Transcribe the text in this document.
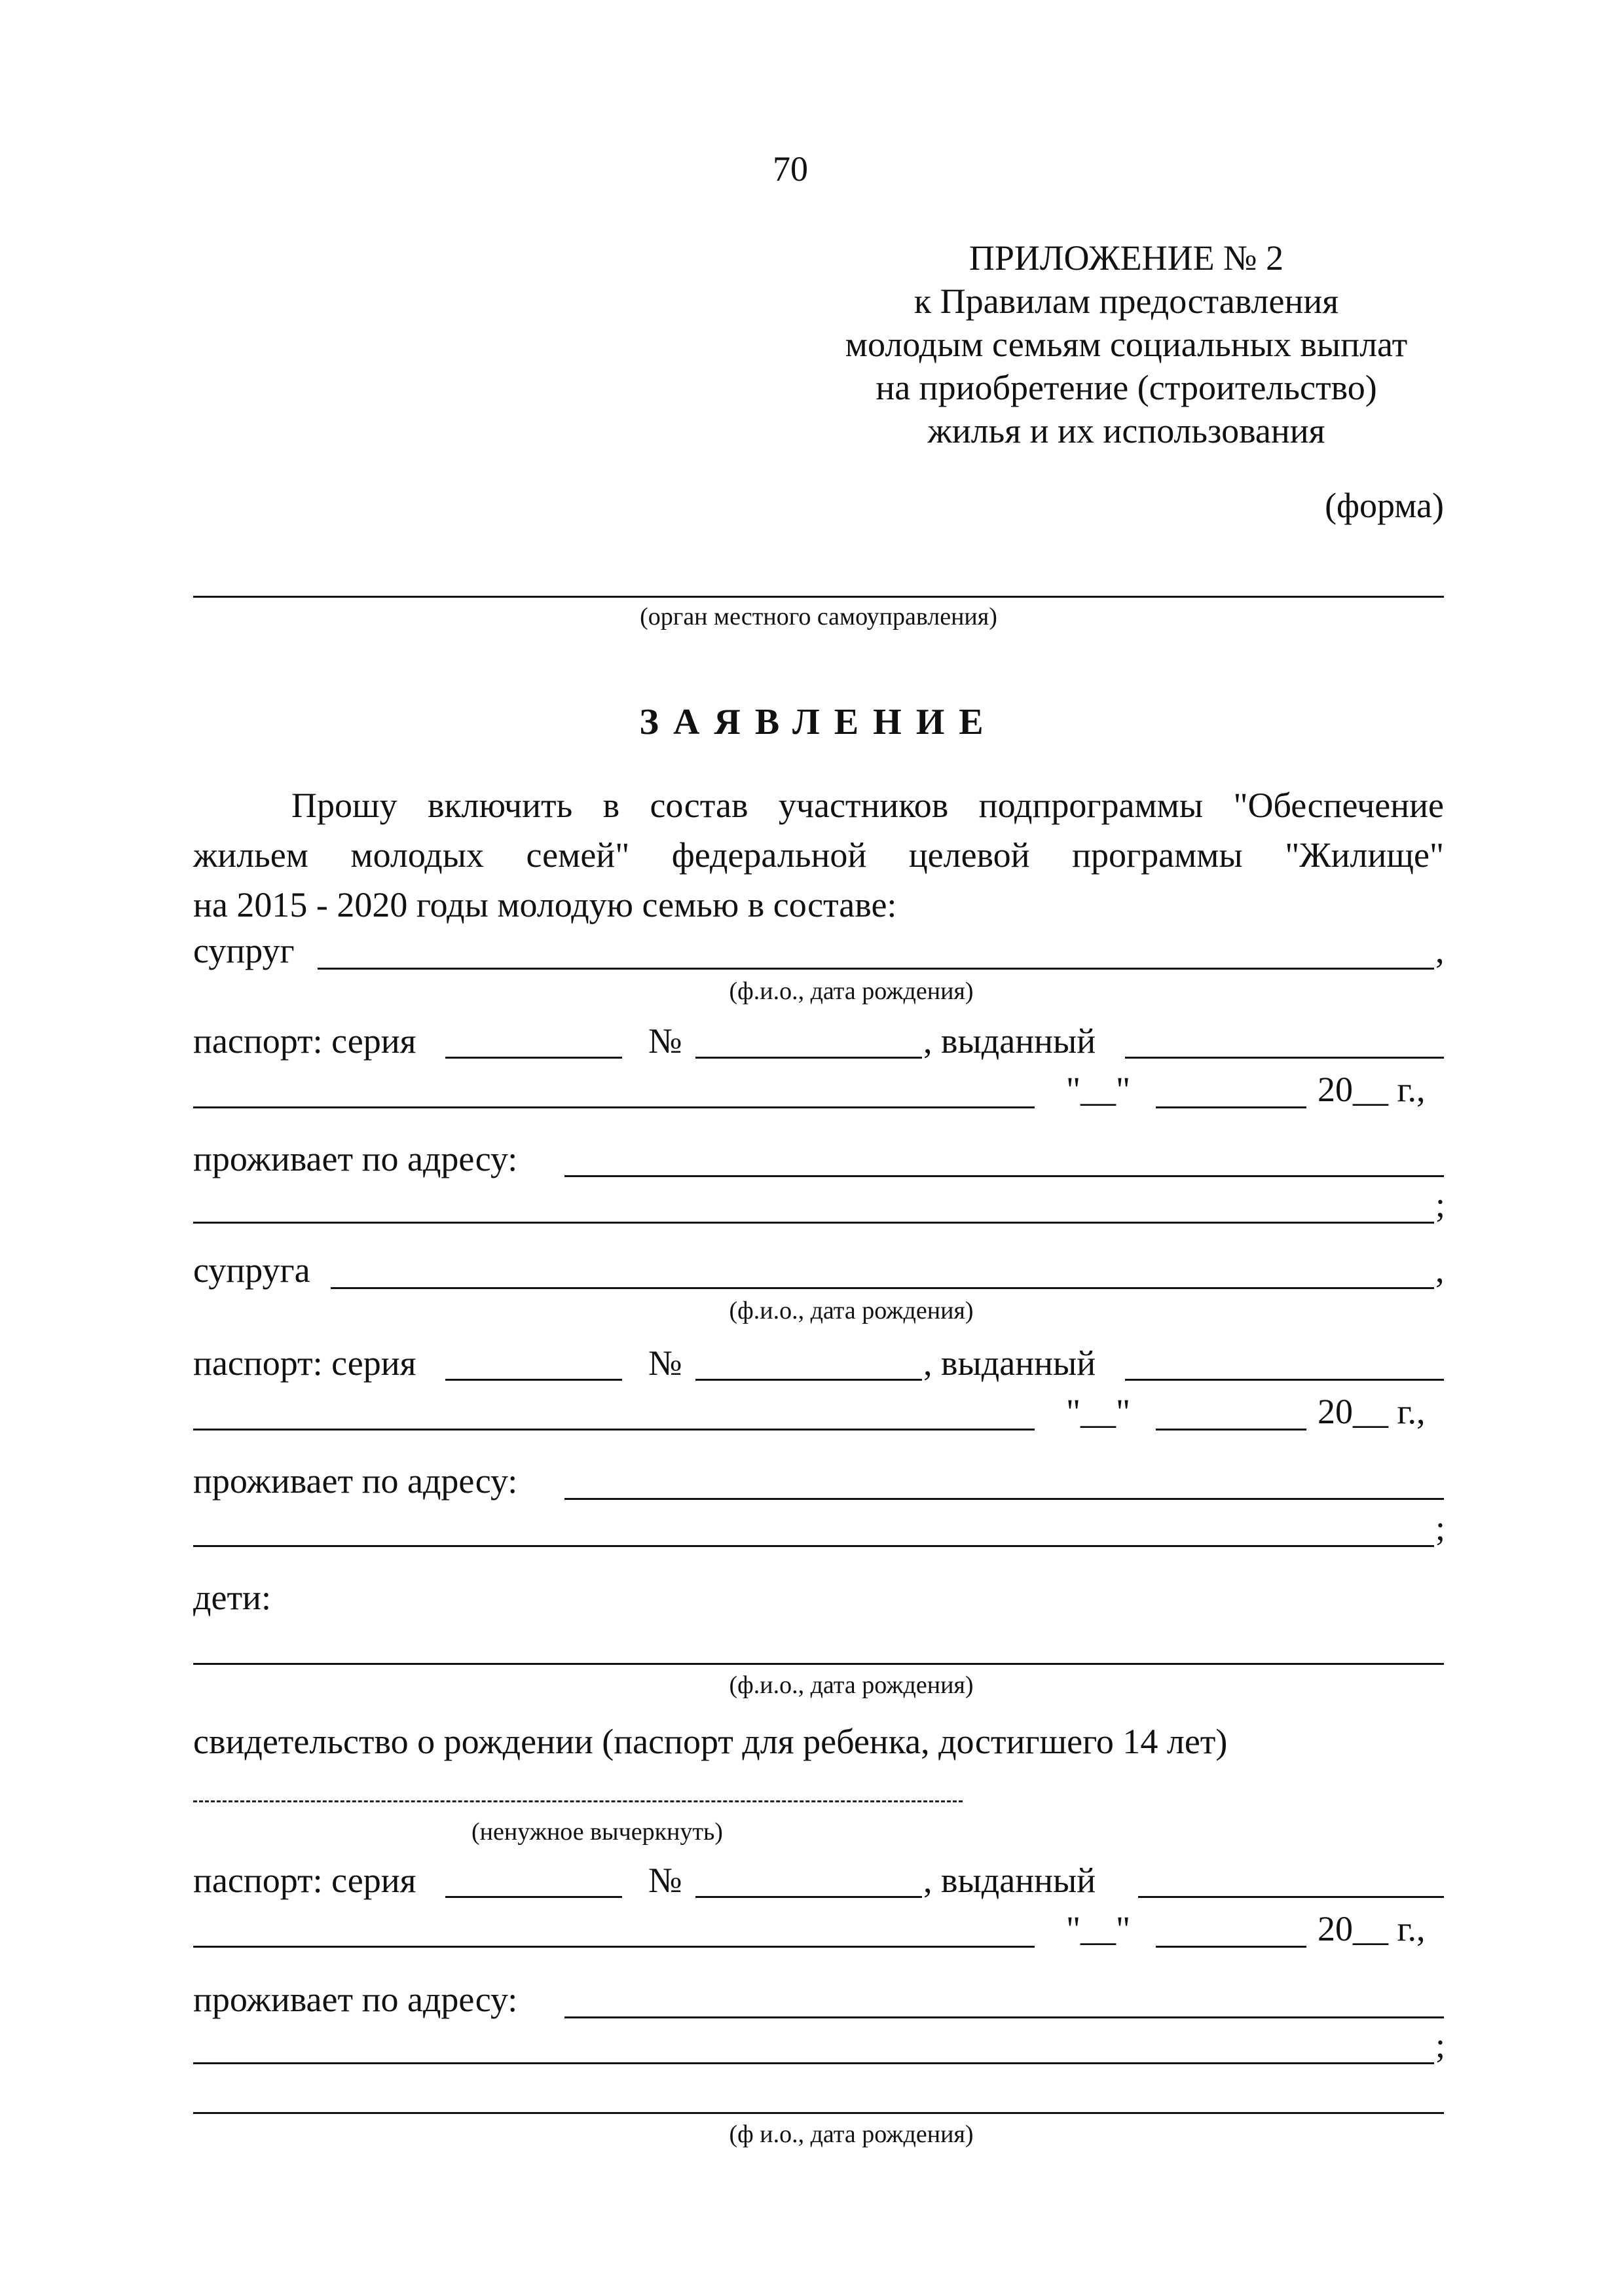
70
ПРИЛОЖЕНИЕ № 2
к Правилам предоставления
молодым семьям социальных выплат
на приобретение (строительство)
жилья и их использования
(форма)
(орган местного самоуправления)
ЗАЯВЛЕНИЕ
Прошу включить в состав участников подпрограммы "Обеспечение
жильем молодых семей" федеральной целевой программы "Жилище"
на 2015 - 2020 годы молодую семью в составе:
супруг	,
(ф.и.о., дата рождения)
паспорт: серия	№	, выданный
"__"	20__ г.,
проживает по адресу:
;
супруга	,
(ф.и.о., дата рождения)
паспорт: серия	№	, выданный
"__"	20__ г.,
проживает по адресу:
;
дети:
(ф.и.о., дата рождения)
свидетельство о рождении (паспорт для ребенка, достигшего 14 лет)
(ненужное вычеркнуть)
паспорт: серия	№	, выданный
"__"	20__ г.,
проживает по адресу:
;
(ф и.о., дата рождения)
